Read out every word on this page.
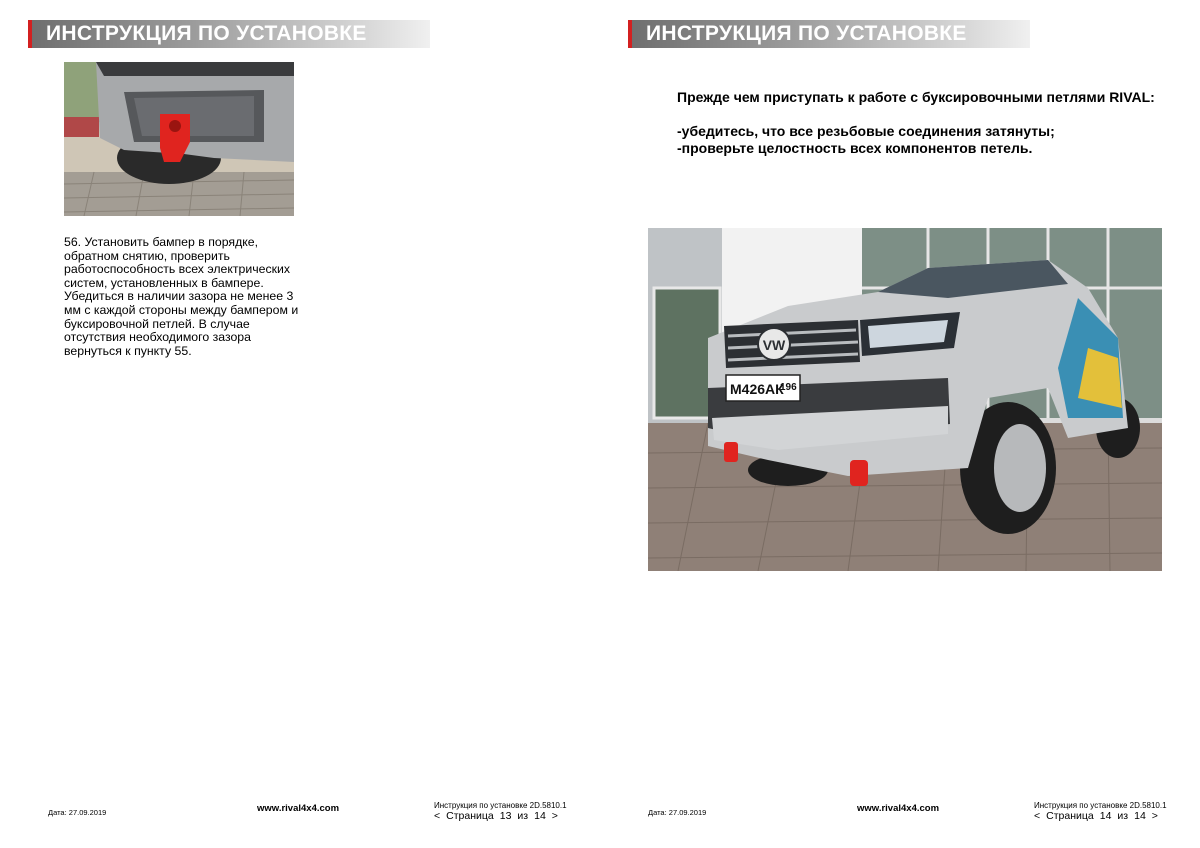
ИНСТРУКЦИЯ ПО УСТАНОВКЕ
56. Установить бампер в порядке, обратном снятию, проверить работоспособность всех электрических систем, установленных в бампере. Убедиться в наличии зазора не менее 3 мм с каждой стороны между бампером и буксировочной петлей. В случае отсутствия необходимого зазора вернуться к пункту 55.
Дата: 27.09.2019	www.rival4x4.com	Инструкция по установке 2D.5810.1
< Страница 13 из 14 >
ИНСТРУКЦИЯ ПО УСТАНОВКЕ
Прежде чем приступать к работе с буксировочными петлями RIVAL:
-убедитесь, что все резьбовые соединения затянуты;
-проверьте целостность всех компонентов петель.
VW
М426АК
196
Дата: 27.09.2019	www.rival4x4.com	Инструкция по установке 2D.5810.1
< Страница 14 из 14 >
